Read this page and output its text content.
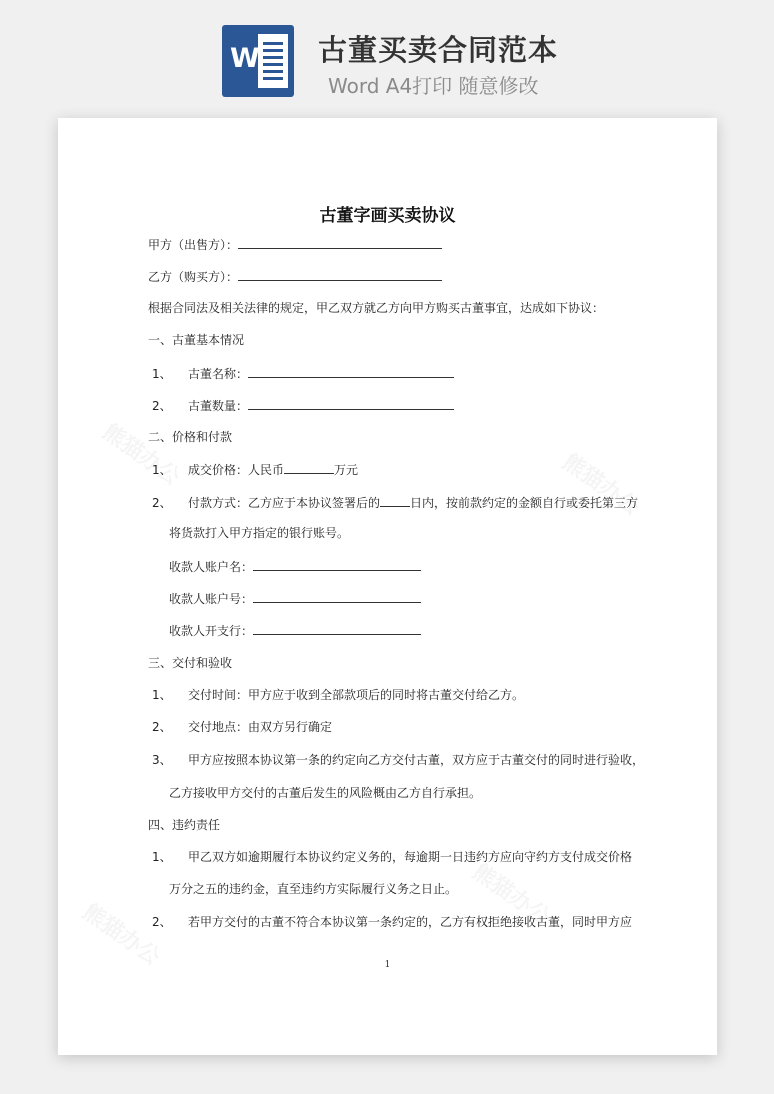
W 古董买卖合同范本
Word A4打印 随意修改
古董字画买卖协议
甲方（出售方）：
乙方（购买方）：
根据合同法及相关法律的规定，甲乙双方就乙方向甲方购买古董事宜，达成如下协议：
一、古董基本情况
1、 古董名称：
2、 古董数量：
二、价格和付款
1、 成交价格：人民币	万元
2、 付款方式：乙方应于本协议签署后的	日内，按前款约定的金额自行或委托第三方
将货款打入甲方指定的银行账号。
收款人账户名：
收款人账户号：
收款人开支行：
三、交付和验收
1、 交付时间：甲方应于收到全部款项后的同时将古董交付给乙方。
2、 交付地点：由双方另行确定
3、 甲方应按照本协议第一条的约定向乙方交付古董，双方应于古董交付的同时进行验收，
乙方接收甲方交付的古董后发生的风险概由乙方自行承担。
四、违约责任
1、 甲乙双方如逾期履行本协议约定义务的，每逾期一日违约方应向守约方支付成交价格
万分之五的违约金，直至违约方实际履行义务之日止。
2、 若甲方交付的古董不符合本协议第一条约定的，乙方有权拒绝接收古董，同时甲方应
1
